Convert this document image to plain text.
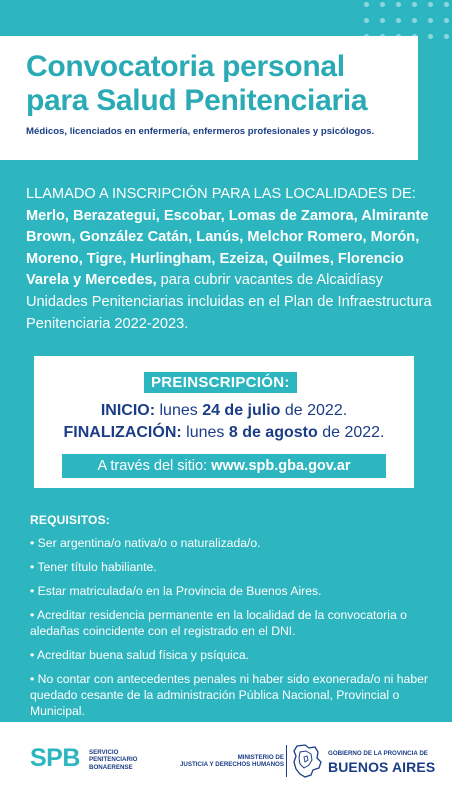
Convocatoria personal
para Salud Penitenciaria
Médicos, licenciados en enfermería, enfermeros profesionales y psicólogos.
LLAMADO A INSCRIPCIÓN PARA LAS LOCALIDADES DE:
Merlo, Berazategui, Escobar, Lomas de Zamora, Almirante Brown, González Catán, Lanús, Melchor Romero, Morón, Moreno, Tigre, Hurlingham, Ezeiza, Quilmes, Florencio Varela y Mercedes, para cubrir vacantes de Alcaidíasy Unidades Penitenciarias incluidas en el Plan de Infraestructura Penitenciaria 2022-2023.
PREINSCRIPCIÓN:
INICIO: lunes 24 de julio de 2022.
FINALIZACIÓN: lunes 8 de agosto de 2022.
A través del sitio: www.spb.gba.gov.ar
REQUISITOS:
• Ser argentina/o nativa/o o naturalizada/o.
• Tener título habiliante.
• Estar matriculada/o en la Provincia de Buenos Aires.
• Acreditar residencia permanente en la localidad de la convocatoria o aledañas coincidente con el registrado en el DNI.
• Acreditar buena salud física y psíquica.
• No contar con antecedentes penales ni haber sido exonerada/o ni haber quedado cesante de la administración Pública Nacional, Provincial o Municipal.
SPB SERVICIO
PENITENCIARIO
BONAERENSE
MINISTERIO DE
JUSTICIA Y DERECHOS HUMANOS
GOBIERNO DE LA PROVINCIA DE
BUENOS AIRES
